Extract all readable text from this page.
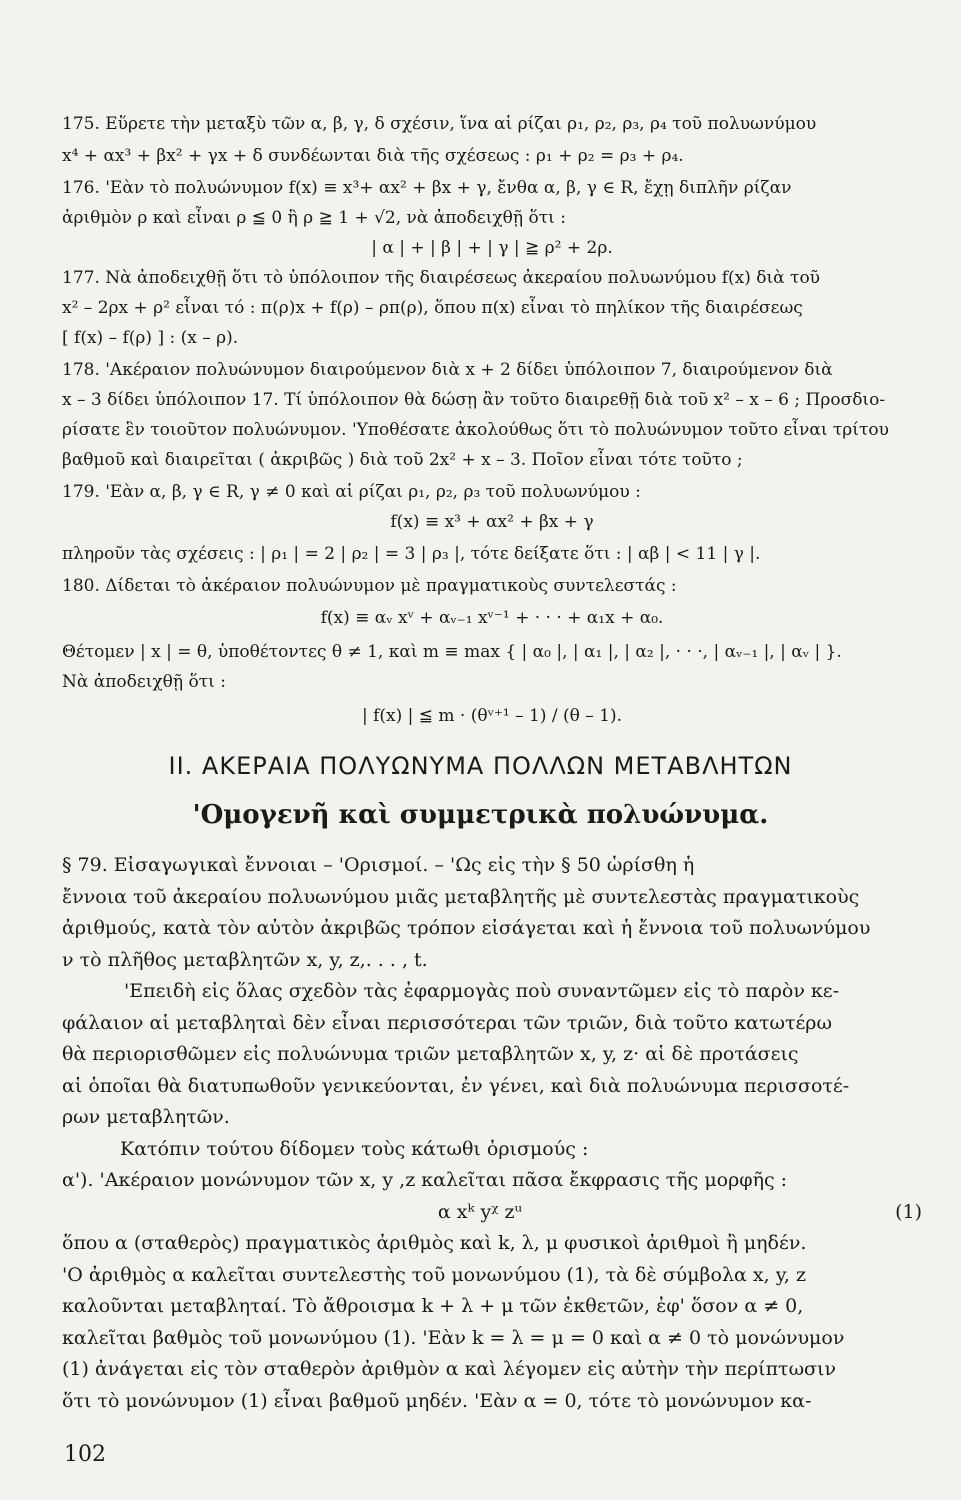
175. Εὕρετε τὴν μεταξὺ τῶν α, β, γ, δ σχέσιν, ἵνα αἱ ρίζαι ρ₁, ρ₂, ρ₃, ρ₄ τοῦ πολυωνύμου
x⁴ + αx³ + βx² + γx + δ συνδέωνται διὰ τῆς σχέσεως : ρ₁ + ρ₂ = ρ₃ + ρ₄.
176. 'Εὰν τὸ πολυώνυμον f(x) ≡ x³+ αx² + βx + γ, ἔνθα α, β, γ ∈ R, ἔχῃ διπλῆν ρίζαν
ἀριθμὸν ρ καὶ εἶναι ρ ≦ 0 ἢ ρ ≧ 1 + √2, νὰ ἀποδειχθῇ ὅτι :
| α | + | β | + | γ | ≧ ρ² + 2ρ.
177. Νὰ ἀποδειχθῇ ὅτι τὸ ὑπόλοιπον τῆς διαιρέσεως ἀκεραίου πολυωνύμου f(x) διὰ τοῦ
x² – 2ρx + ρ² εἶναι τό : π(ρ)x + f(ρ) – ρπ(ρ), ὅπου π(x) εἶναι τὸ πηλίκον τῆς διαιρέσεως
[ f(x) – f(ρ) ] : (x – ρ).
178. 'Ακέραιον πολυώνυμον διαιρούμενον διὰ x + 2 δίδει ὑπόλοιπον 7, διαιρούμενον διὰ
x – 3 δίδει ὑπόλοιπον 17. Τί ὑπόλοιπον θὰ δώσῃ ἂν τοῦτο διαιρεθῇ διὰ τοῦ x² – x – 6 ; Προσδιο-
ρίσατε ἓν τοιοῦτον πολυώνυμον. 'Υποθέσατε ἀκολούθως ὅτι τὸ πολυώνυμον τοῦτο εἶναι τρίτου
βαθμοῦ καὶ διαιρεῖται ( ἀκριβῶς ) διὰ τοῦ 2x² + x – 3. Ποῖον εἶναι τότε τοῦτο ;
179. 'Εὰν α, β, γ ∈ R, γ ≠ 0 καὶ αἱ ρίζαι ρ₁, ρ₂, ρ₃ τοῦ πολυωνύμου :
f(x) ≡ x³ + αx² + βx + γ
πληροῦν τὰς σχέσεις : | ρ₁ | = 2 | ρ₂ | = 3 | ρ₃ |, τότε δείξατε ὅτι : | αβ | < 11 | γ |.
180. Δίδεται τὸ ἀκέραιον πολυώνυμον μὲ πραγματικοὺς συντελεστάς :
f(x) ≡ αᵥ xᵛ + αᵥ₋₁ xᵛ⁻¹ + · · · + α₁x + α₀.
Θέτομεν | x | = θ, ὑποθέτοντες θ ≠ 1, καὶ m ≡ max { | α₀ |, | α₁ |, | α₂ |, · · ·, | αᵥ₋₁ |, | αᵥ | }.
Νὰ ἀποδειχθῇ ὅτι :
| f(x) | ≦ m · (θᵛ⁺¹ – 1) / (θ – 1).
II. ΑΚΕΡΑΙΑ ΠΟΛΥΩΝΥΜΑ ΠΟΛΛΩΝ ΜΕΤΑΒΛΗΤΩΝ
'Ομογενῆ καὶ συμμετρικὰ πολυώνυμα.
102
§ 79. Εἰσαγωγικαὶ ἔννοιαι – 'Ορισμοί. – 'Ως εἰς τὴν § 50 ὡρίσθη ἡ
ἔννοια τοῦ ἀκεραίου πολυωνύμου μιᾶς μεταβλητῆς μὲ συντελεστὰς πραγματικοὺς
ἀριθμούς, κατὰ τὸν αὐτὸν ἀκριβῶς τρόπον εἰσάγεται καὶ ἡ ἔννοια τοῦ πολυωνύμου
ν τὸ πλῆθος μεταβλητῶν x, y, z,. . . , t.
'Επειδὴ εἰς ὅλας σχεδὸν τὰς ἐφαρμογὰς ποὺ συναντῶμεν εἰς τὸ παρὸν κε-
φάλαιον αἱ μεταβληταὶ δὲν εἶναι περισσότεραι τῶν τριῶν, διὰ τοῦτο κατωτέρω
θὰ περιορισθῶμεν εἰς πολυώνυμα τριῶν μεταβλητῶν x, y, z· αἱ δὲ προτάσεις
αἱ ὁποῖαι θὰ διατυπωθοῦν γενικεύονται, ἐν γένει, καὶ διὰ πολυώνυμα περισσοτέ-
ρων μεταβλητῶν.
Κατόπιν τούτου δίδομεν τοὺς κάτωθι ὁρισμούς :
α'). 'Ακέραιον μονώνυμον τῶν x, y ,z καλεῖται πᾶσα ἔκφρασις τῆς μορφῆς :
α xᵏ yᵡ zᵘ	(1)
ὅπου α (σταθερὸς) πραγματικὸς ἀριθμὸς καὶ k, λ, μ φυσικοὶ ἀριθμοὶ ἢ μηδέν.
'Ο ἀριθμὸς α καλεῖται συντελεστὴς τοῦ μονωνύμου (1), τὰ δὲ σύμβολα x, y, z
καλοῦνται μεταβληταί. Τὸ ἄθροισμα k + λ + μ τῶν ἐκθετῶν, ἐφ' ὅσον α ≠ 0,
καλεῖται βαθμὸς τοῦ μονωνύμου (1). 'Εὰν k = λ = μ = 0 καὶ α ≠ 0 τὸ μονώνυμον
(1) ἀνάγεται εἰς τὸν σταθερὸν ἀριθμὸν α καὶ λέγομεν εἰς αὐτὴν τὴν περίπτωσιν
ὅτι τὸ μονώνυμον (1) εἶναι βαθμοῦ μηδέν. 'Εὰν α = 0, τότε τὸ μονώνυμον κα-
